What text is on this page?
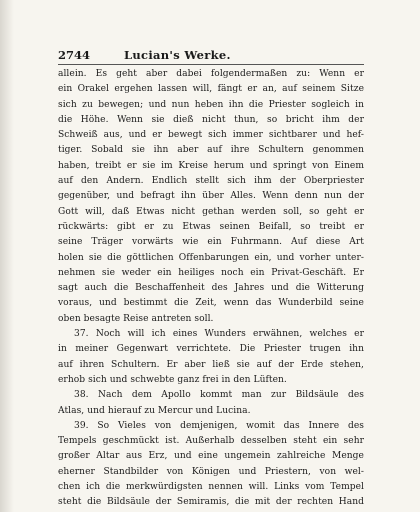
2744	Lucian's Werke.
allein. Es geht aber dabei folgendermaßen zu: Wenn er
ein Orakel ergehen lassen will, fängt er an, auf seinem Sitze
sich zu bewegen; und nun heben ihn die Priester sogleich in
die Höhe. Wenn sie dieß nicht thun, so bricht ihm der
Schweiß aus, und er bewegt sich immer sichtbarer und hef-
tiger. Sobald sie ihn aber auf ihre Schultern genommen
haben, treibt er sie im Kreise herum und springt von Einem
auf den Andern. Endlich stellt sich ihm der Oberpriester
gegenüber, und befragt ihn über Alles. Wenn denn nun der
Gott will, daß Etwas nicht gethan werden soll, so geht er
rückwärts: gibt er zu Etwas seinen Beifall, so treibt er
seine Träger vorwärts wie ein Fuhrmann. Auf diese Art
holen sie die göttlichen Offenbarungen ein, und vorher unter-
nehmen sie weder ein heiliges noch ein Privat-Geschäft. Er
sagt auch die Beschaffenheit des Jahres und die Witterung
voraus, und bestimmt die Zeit, wenn das Wunderbild seine
oben besagte Reise antreten soll.
37. Noch will ich eines Wunders erwähnen, welches er
in meiner Gegenwart verrichtete. Die Priester trugen ihn
auf ihren Schultern. Er aber ließ sie auf der Erde stehen,
erhob sich und schwebte ganz frei in den Lüften.
38. Nach dem Apollo kommt man zur Bildsäule des
Atlas, und hierauf zu Mercur und Lucina.
39. So Vieles von demjenigen, womit das Innere des
Tempels geschmückt ist. Außerhalb desselben steht ein sehr
großer Altar aus Erz, und eine ungemein zahlreiche Menge
eherner Standbilder von Königen und Priestern, von wel-
chen ich die merkwürdigsten nennen will. Links vom Tempel
steht die Bildsäule der Semiramis, die mit der rechten Hand
